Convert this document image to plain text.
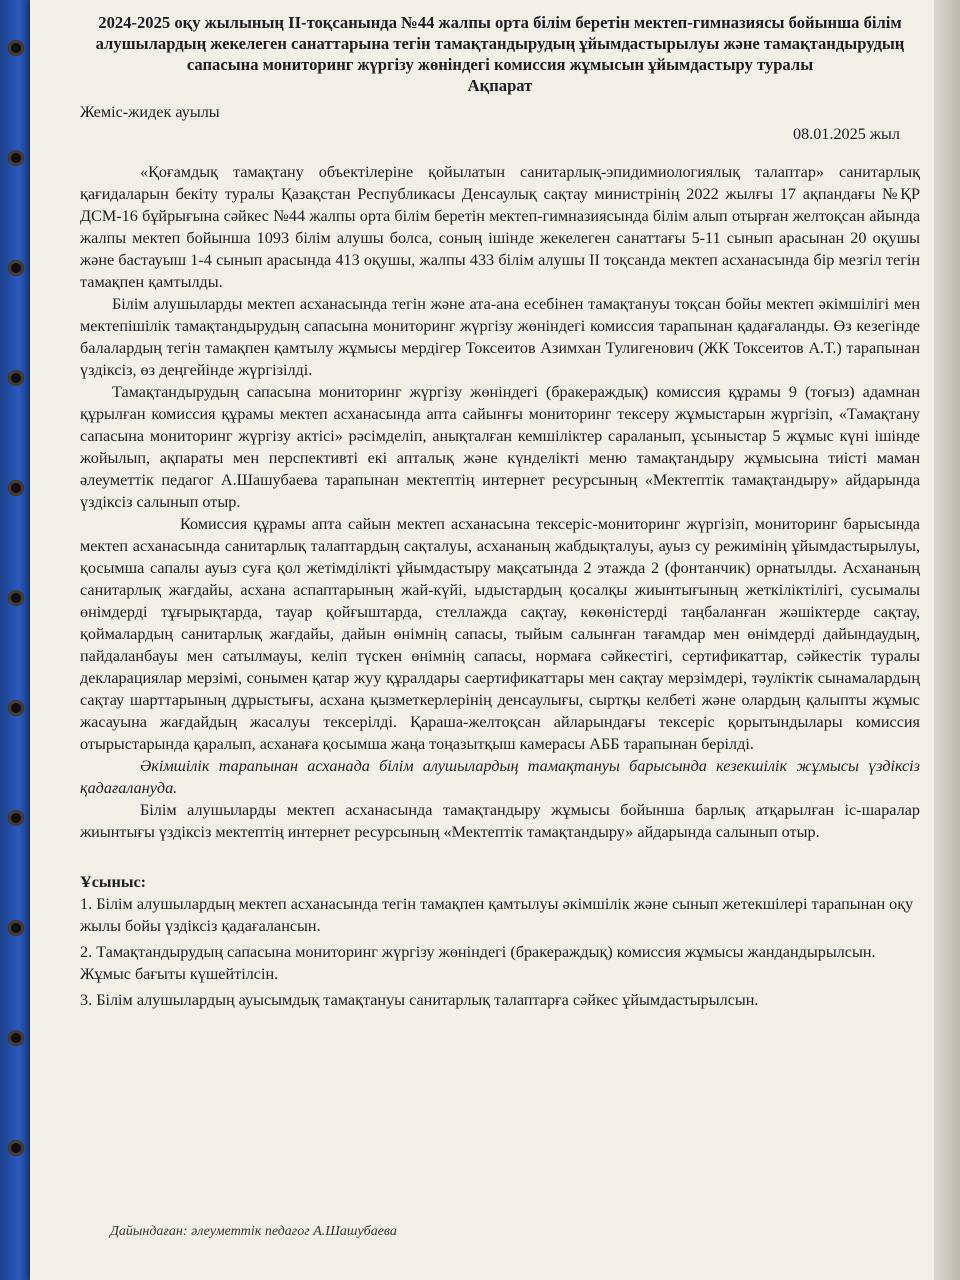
2024-2025 оқу жылының ІІ-тоқсанында №44 жалпы орта білім беретін мектеп-гимназиясы бойынша білім алушылардың жекелеген санаттарына тегін тамақтандырудың ұйымдастырылуы және тамақтандырудың сапасына мониторинг жүргізу жөніндегі комиссия жұмысын ұйымдастыру туралы

Ақпарат

Жеміс-жидек ауылы

08.01.2025 жыл

«Қоғамдық тамақтану объектілеріне қойылатын санитарлық-эпидимиологиялық талаптар» санитарлық қағидаларын бекіту туралы Қазақстан Республикасы Денсаулық сақтау министрінің 2022 жылғы 17 ақпандағы №ҚР ДСМ-16 бұйрығына сәйкес №44 жалпы орта білім беретін мектеп-гимназиясында білім алып отырған желтоқсан айында жалпы мектеп бойынша 1093 білім алушы болса, соның ішінде жекелеген санаттағы 5-11 сынып арасынан 20 оқушы және бастауыш 1-4 сынып арасында 413 оқушы, жалпы 433 білім алушы ІІ тоқсанда мектеп асханасында бір мезгіл тегін тамақпен қамтылды.

Білім алушыларды мектеп асханасында тегін және ата-ана есебінен тамақтануы тоқсан бойы мектеп әкімшілігі мен мектепішілік тамақтандырудың сапасына мониторинг жүргізу жөніндегі комиссия тарапынан қадағаланды. Өз кезегінде балалардың тегін тамақпен қамтылу жұмысы мердігер Токсеитов Азимхан Тулигенович (ЖК Токсеитов А.Т.) тарапынан үздіксіз, өз деңгейінде жүргізілді.

Тамақтандырудың сапасына мониторинг жүргізу жөніндегі (бракераждық) комиссия құрамы 9 (тоғыз) адамнан құрылған комиссия құрамы мектеп асханасында апта сайынғы мониторинг тексеру жұмыстарын жүргізіп, «Тамақтану сапасына мониторинг жүргізу актісі» рәсімделіп, анықталған кемшіліктер сараланып, ұсыныстар 5 жұмыс күні ішінде жойылып, ақпараты мен перспективті екі апталық және күнделікті меню тамақтандыру жұмысына тиісті маман әлеуметтік педагог А.Шашубаева тарапынан мектептің интернет ресурсының «Мектептік тамақтандыру» айдарында үздіксіз салынып отыр.

Комиссия құрамы апта сайын мектеп асханасына тексеріс-мониторинг жүргізіп, мониторинг барысында мектеп асханасында санитарлық талаптардың сақталуы, асхананың жабдықталуы, ауыз су режимінің ұйымдастырылуы, қосымша сапалы ауыз суға қол жетімділікті ұйымдастыру мақсатында 2 этажда 2 (фонтанчик) орнатылды. Асхананың санитарлық жағдайы, асхана аспаптарының жай-күйі, ыдыстардың қосалқы жиынтығының жеткіліктілігі, сусымалы өнімдерді тұғырықтарда, тауар қойғыштарда, стеллажда сақтау, көкөністерді таңбаланған жәшіктерде сақтау, қоймалардың санитарлық жағдайы, дайын өнімнің сапасы, тыйым салынған тағамдар мен өнімдерді дайындаудың, пайдаланбауы мен сатылмауы, келіп түскен өнімнің сапасы, нормаға сәйкестігі, сертификаттар, сәйкестік туралы декларациялар мерзімі, сонымен қатар жуу құралдары саертификаттары мен сақтау мерзімдері, тәуліктік сынамалардың сақтау шарттарының дұрыстығы, асхана қызметкерлерінің денсаулығы, сыртқы келбеті және олардың қалыпты жұмыс жасауына жағдайдың жасалуы тексерілді. Қараша-желтоқсан айларындағы тексеріс қорытындылары комиссия отырыстарында қаралып, асханаға қосымша жаңа тоңазытқыш камерасы АББ тарапынан берілді.

Әкімшілік тарапынан асханада білім алушылардың тамақтануы барысында кезекшілік жұмысы үздіксіз қадағалануда.

Білім алушыларды мектеп асханасында тамақтандыру жұмысы бойынша барлық атқарылған іс-шаралар жиынтығы үздіксіз мектептің интернет ресурсының «Мектептік тамақтандыру» айдарында салынып отыр.

Ұсыныс:

1. Білім алушылардың мектеп асханасында тегін тамақпен қамтылуы әкімшілік және сынып жетекшілері тарапынан оқу жылы бойы үздіксіз қадағалансын.
2. Тамақтандырудың сапасына мониторинг жүргізу жөніндегі (бракераждық) комиссия жұмысы жандандырылсын. Жұмыс бағыты күшейтілсін.
3. Білім алушылардың ауысымдық тамақтануы санитарлық талаптарға сәйкес ұйымдастырылсын.
Дайындаған: әлеуметтік педагог А.Шашубаева
